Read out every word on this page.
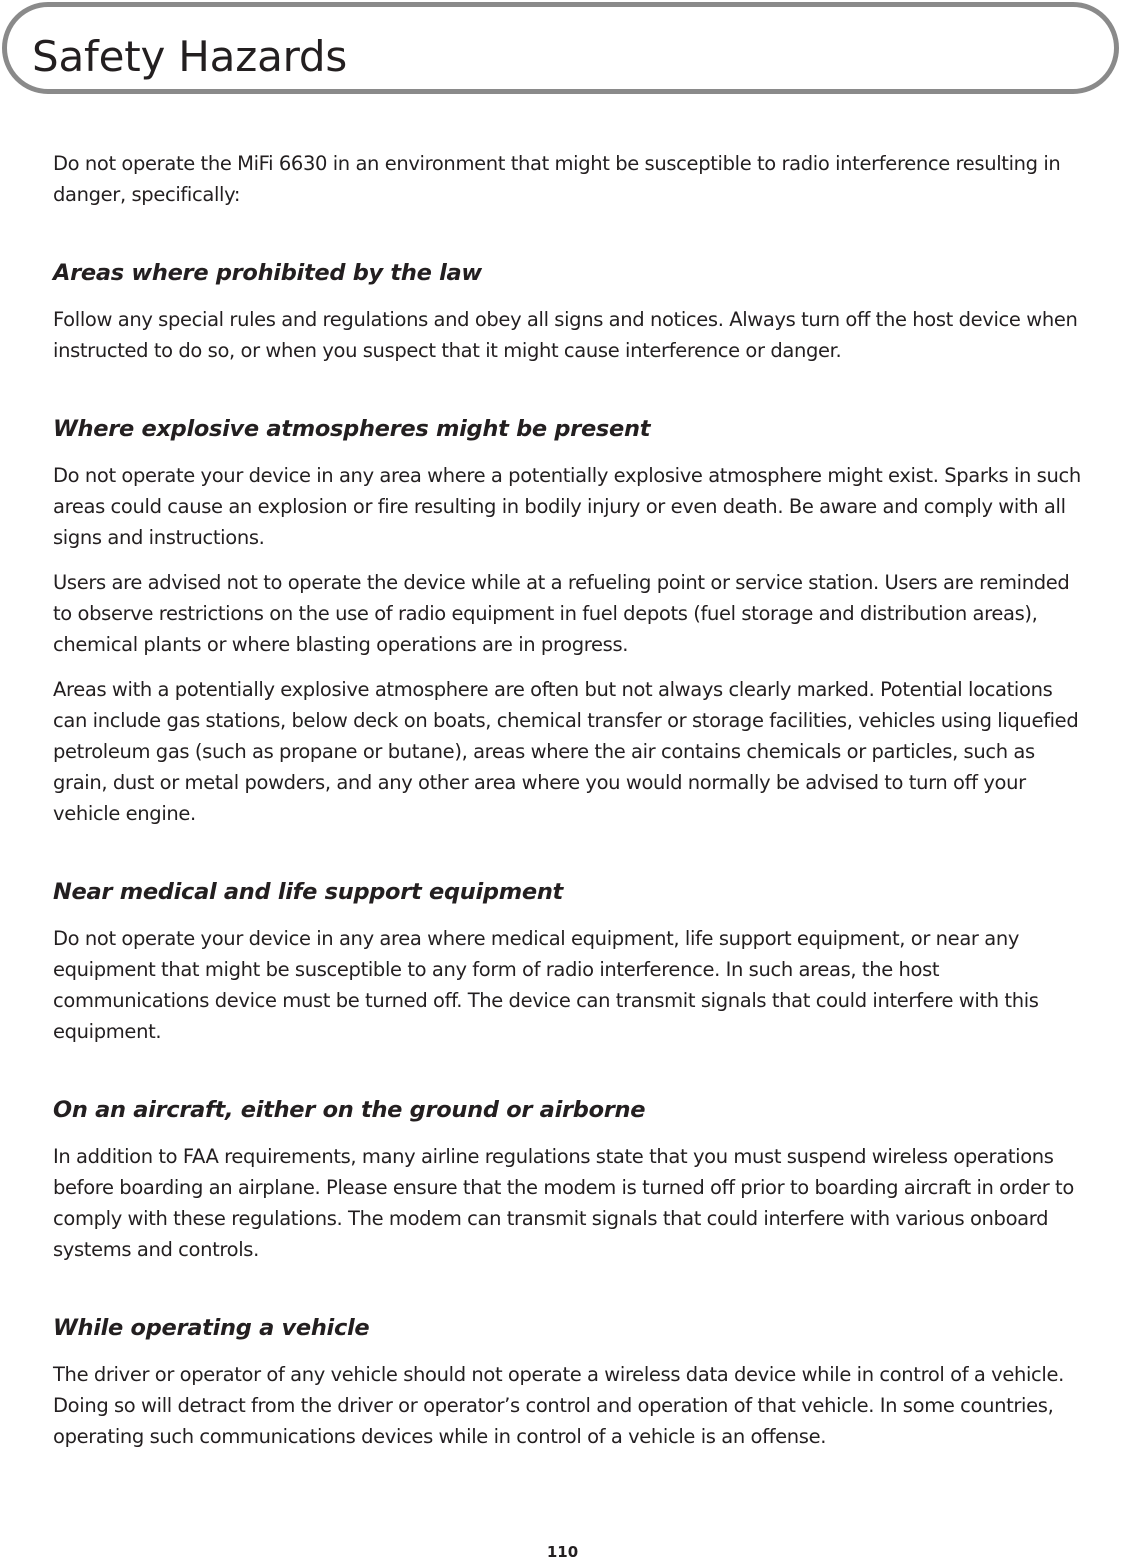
Safety Hazards

Do not operate the MiFi 6630 in an environment that might be susceptible to radio interference resulting in danger, specifically:

Areas where prohibited by the law

Follow any special rules and regulations and obey all signs and notices. Always turn off the host device when instructed to do so, or when you suspect that it might cause interference or danger.

Where explosive atmospheres might be present

Do not operate your device in any area where a potentially explosive atmosphere might exist. Sparks in such areas could cause an explosion or fire resulting in bodily injury or even death. Be aware and comply with all signs and instructions.

Users are advised not to operate the device while at a refueling point or service station. Users are reminded to observe restrictions on the use of radio equipment in fuel depots (fuel storage and distribution areas), chemical plants or where blasting operations are in progress.

Areas with a potentially explosive atmosphere are often but not always clearly marked. Potential locations can include gas stations, below deck on boats, chemical transfer or storage facilities, vehicles using liquefied petroleum gas (such as propane or butane), areas where the air contains chemicals or particles, such as grain, dust or metal powders, and any other area where you would normally be advised to turn off your vehicle engine.

Near medical and life support equipment

Do not operate your device in any area where medical equipment, life support equipment, or near any equipment that might be susceptible to any form of radio interference. In such areas, the host communications device must be turned off. The device can transmit signals that could interfere with this equipment.

On an aircraft, either on the ground or airborne

In addition to FAA requirements, many airline regulations state that you must suspend wireless operations before boarding an airplane. Please ensure that the modem is turned off prior to boarding aircraft in order to comply with these regulations. The modem can transmit signals that could interfere with various onboard systems and controls.

While operating a vehicle

The driver or operator of any vehicle should not operate a wireless data device while in control of a vehicle. Doing so will detract from the driver or operator’s control and operation of that vehicle. In some countries, operating such communications devices while in control of a vehicle is an offense.

110
